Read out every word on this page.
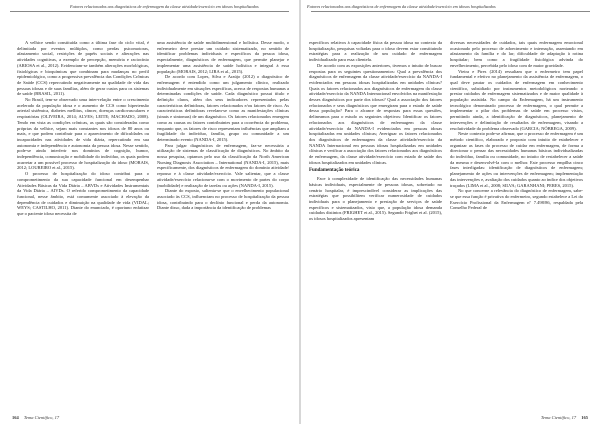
Fatores relacionados aos diagnósticos de enfermagem da classe atividade/exercício em idosos hospitalizados

A velhice sendo constituída como a última fase do ciclo vital, é delimitada por eventos múltiplos, como perdas psicomotoras, afastamento social, restrições de papéis sociais e alterações nas atividades cognitivas, a exemplo de percepção, memória e raciocínio (ARIOSA et al., 2012). Evidenciam-se também alterações morfológicas, fisiológicas e bioquímicas que combinam para mudanças no perfil epidemiológico, como a progressiva prevalência das Condições Crônicas de Saúde (CCS) repercutindo negativamente na qualidade de vida das pessoas idosas e de suas famílias, além de gerar custos para os sistemas de saúde (BRASIL, 2011).

No Brasil, tem-se observado uma inter-relação entre o crescimento acelerado da população idosa e o aumento de CCS como hipertensão arterial sistêmica, diabetes mellitus, câncer, doenças cardiovasculares e respiratórias (OLIVEIRA, 2014; ALVES; LEITE; MACHADO, 2008). Tendo em vista as condições crônicas, as quais são consideradas como próprias da velhice, sejam mais constantes nos idosos de 80 anos ou mais, e que podem contribuir para o aparecimento de dificuldades ou incapacidades nas atividades de vida diária, repercutindo em sua autonomia e independência e autonomia da pessoa idosa. Nesse sentido, pode-se ainda interferir nos domínios de cognição, humor, independência, comunicação e mobilidade do indivíduo, os quais podem acarretar a um possível processo de hospitalização do idoso (MORAIS, 2012; LOUREIRO et al., 2015).

O processo de hospitalização do idoso contribui para o comprometimento da sua capacidade funcional em desempenhar Atividades Básicas da Vida Diária – ABVDs e Atividades Instrumentais da Vida Diária – AIVDs. O referido comprometimento da capacidade funcional, nesse âmbito, está comumente associado à elevação da dependência de cuidados e diminuição na qualidade de vida (VIDAL; WEYS; CASTILHO, 2011). Diante do enunciado, é oportuno enfatizar que o paciente idoso necessita de

uma assistência de saúde multidimensional e holística. Desse modo, o enfermeiro deve prestar um cuidado sistematizado, no sentido de identificar problemas individuais e específicos da pessoa idosa, especialmente, diagnósticos de enfermagem, que permite planejar e implementar uma assistência de saúde holística e integral à essa população (MORAIS, 2012; LIRA et al., 2015).

De acordo com Lopes, Silva e Araújo (2012) o diagnóstico de enfermagem é entendido como um julgamento clínico, realizado individualmente em situações específicas, acerca de respostas humanas a determinadas condições de saúde. Cada diagnóstico possui título e definição claros, além dos seus indicadores representados pelas características definidoras, fatores relacionados e/ou fatores de risco. As características definidoras revelam-se como as manifestações clínicas (sinais e sintomas) de um diagnóstico. Os fatores relacionados emergem como as causas ou fatores contribuintes para a ocorrência do problema, enquanto que, os fatores de risco representam influências que ampliam a fragilidade do indivíduo, família, grupo ou comunidade a um determinado evento (NANDA-I, 2015).

Para julgar diagnósticos de enfermagem, faz-se necessária a utilização de sistemas de classificação de diagnósticos. No âmbito da nossa pesquisa, optamos pelo uso da classificação da North American Nursing Diagnosis Association – International (NANDA-I, 2015), mais especificamente, dos diagnósticos de enfermagem do domínio atividade/ repouso e à classe atividade/exercício. Vale salientar, que a classe atividade/exercício relaciona-se com o movimento de partes do corpo (mobilidade) e realização de tarefas ou ações (NANDA-I, 2015).

Diante do exposto, salienta-se que o envelhecimento populacional associado às CCS, influenciam no processo de hospitalização da pessoa idosa, contribuindo para o declínio funcional e perda da autonomia. Diante disso, dada a importância da identificação de problemas

164 Tema Científico, 17
Fatores relacionados aos diagnósticos de enfermagem da classe atividade/exercício em idosos hospitalizados

específicos relativos à capacidade física da pessoa idosa no contexto da hospitalização, pesquisas voltadas para o idoso devem estar constituindo estratégias para a realização de um cuidado de enfermagem individualizado para essa clientela.

De acordo com as exposições anteriores, tivemos o intuito de buscar respostas para os seguintes questionamentos: Qual a prevalência dos diagnósticos de enfermagem da classe atividade/exercício da NANDA-I evidenciados em pessoas idosas hospitalizadas em unidades clínicas? Quais os fatores relacionados aos diagnósticos de enfermagem da classe atividade/exercício da NANDA Internacional envolvidos na manifestação desses diagnósticos por parte dos idosos? Qual a associação dos fatores relacionados e seus diagnósticos que emergiram para o estado de saúde dessa população? Para o alcance de respostas para essas questões, delineamos para o estudo os seguintes objetivos: Identificar os fatores relacionados aos diagnósticos de enfermagem da classe atividade/exercício da NANDA-I evidenciados em pessoas idosas hospitalizadas em unidades clínicas; Averiguar os fatores relacionados dos diagnósticos de enfermagem da classe atividade/exercício da NANDA Internacional em pessoas idosas hospitalizadas em unidades clínicas e verificar a associação dos fatores relacionados aos diagnósticos de enfermagem, da classe atividade/exercício com estado de saúde dos idosos hospitalizados em unidades clínicas.

Fundamentação teórica

Face à complexidade de identificação das necessidades humanas básicas individuais, especialmente de pessoas idosas, sobretudo no cenário hospitalar, é imprescindível considerar as implicações das estratégias que possibilitem verificar numerosidade de cuidados individuais para o planejamento e prestação de serviços de saúde específicos e sistematizados, visto que, a população idosa demanda cuidados distintos (FRIGHET et al., 2015). Segundo Frighet et al. (2015), os idosos hospitalizados apresentam

diversas necessidades de cuidados, tais quais enfermagem emocional ocasionado pelo processo de adoecimento e internação, assentando em afastamento da família e do lar; dificuldade de adaptação à rotina hospitalar; bem como a fragilidade fisiológica advinda do envelhecimento, percebida pelo idoso com de maior gravidade.

Vieira e Pires (2014) ressaltam que o enfermeiro tem papel fundamental e efetivo no planejamento da assistência de enfermagem, o qual deve pautar os cuidados de enfermagem em conhecimento científico, subsidiado por instrumentos metodológicos norteando o prestar cuidados de enfermagem sistematizados e de maior qualidade à população assistida. No campo da Enfermagem, há um instrumento tecnológico denominado processo de enfermagem, o qual permite a implementar o pilar dos problemas de saúde em processo vistos, permitindo ainda, a identificação de diagnósticos, planejamento de intervenções e delimitação de resultados de enfermagem, visando a resolutividade do problema observado (GARCIA; NÓBREGA, 2009).

Neste contexto pode-se afirmar, que o processo de enfermagem é um método científico, elaborado e proposto com intuito de estabelecer e organizar as fases do processo de cuidar em enfermagem, de forma a direcionar o pensar das necessidades humanas básicas individualizadas do indivíduo, família ou comunidade, no intuito de restabelecer a saúde da mesma e desenvolvê-la com o melhor. Este processo empílha cinco fases interligadas: identificação de diagnósticos de enfermagem; planejamento de ações ou intervenções de enfermagem; implementação das intervenções e, avaliação dos cuidados quanto ao índice dos objetivos traçados (LIMA et al., 2008; SILVA; GARANHANI; PERES, 2015).

No que concerne a relevância do diagnóstico de enfermagem, sabe-se que essa função é privativa do enfermeiro, segundo estabelece a Lei do Exercício Profissional da Enfermagem nº 7.498/86, respaldada pela Conselho Federal de

Tema Científico, 17 165
